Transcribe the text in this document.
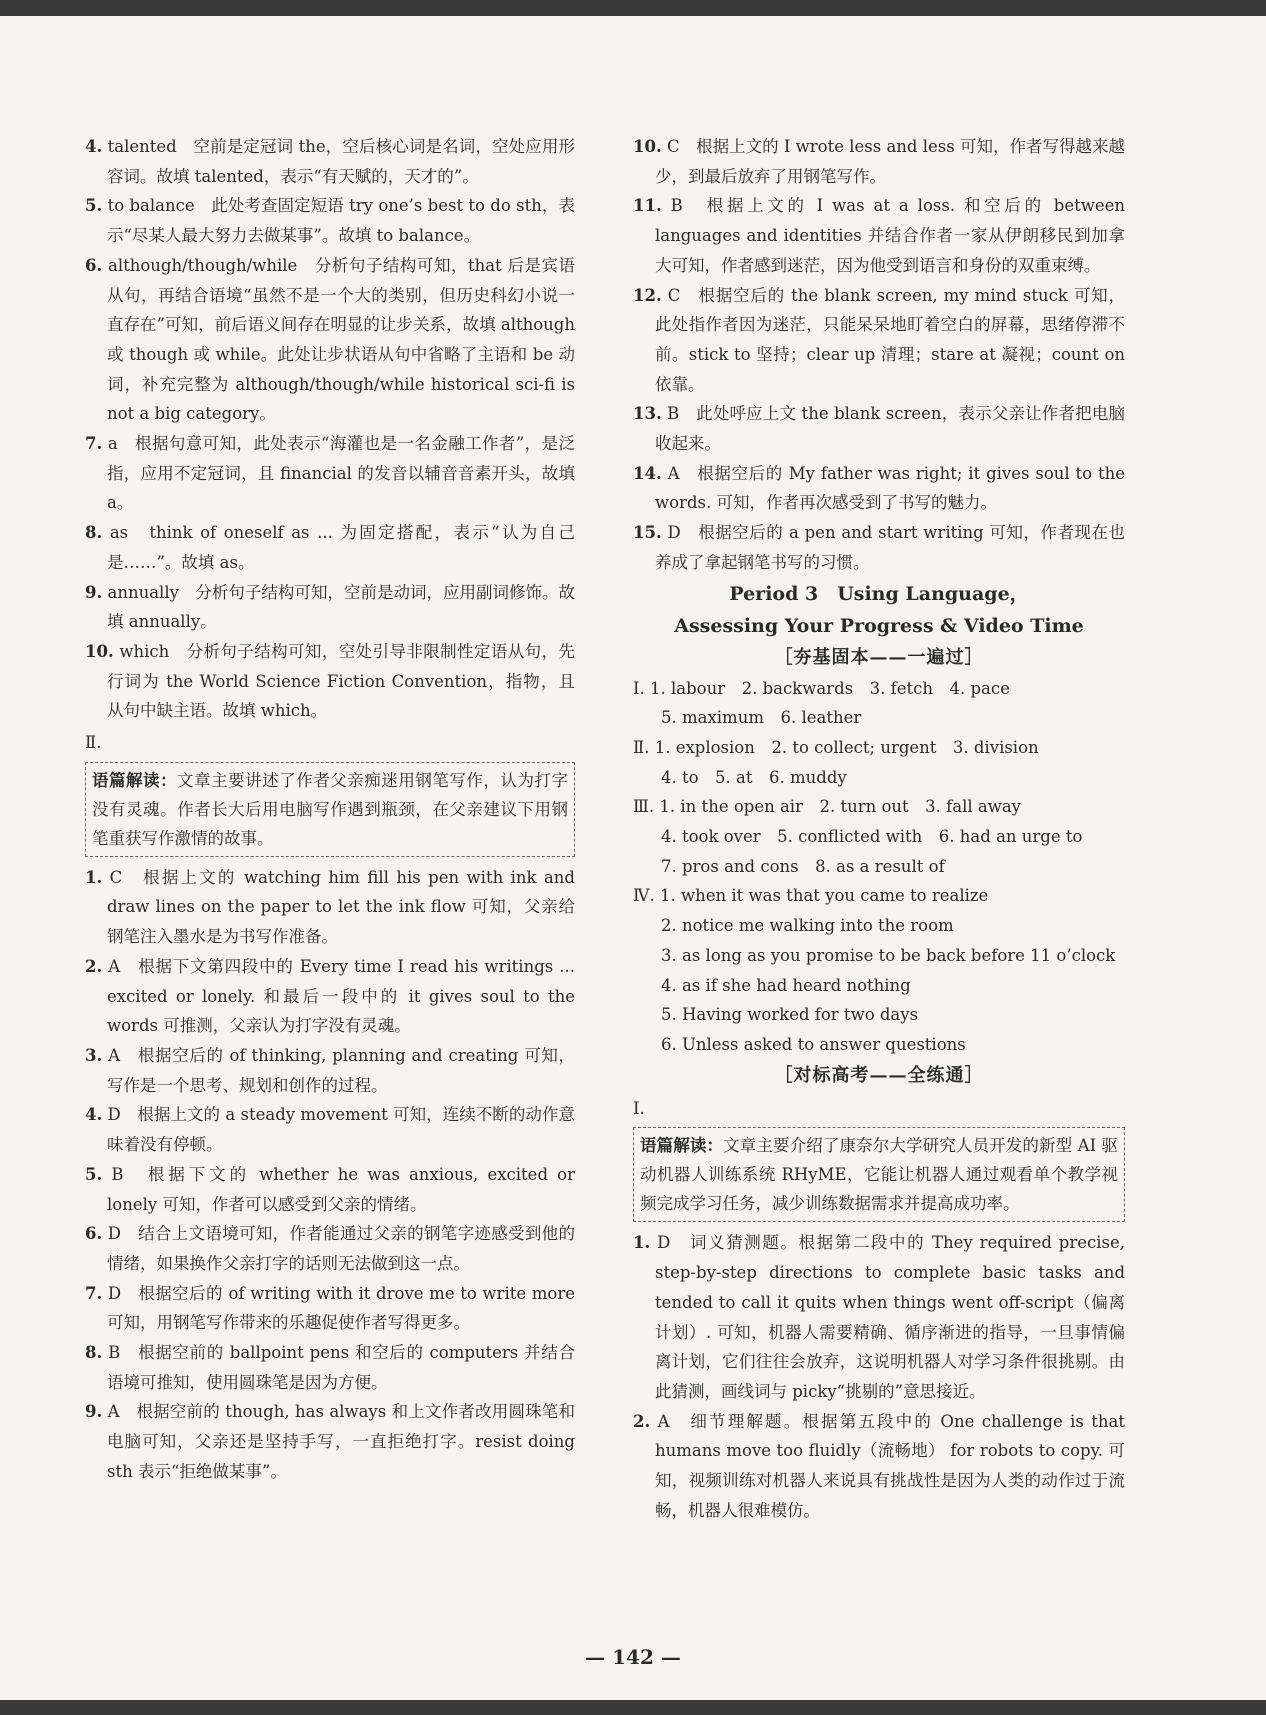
4. talented　空前是定冠词 the，空后核心词是名词，空处应用形容词。故填 talented，表示“有天赋的，天才的”。
5. to balance　此处考查固定短语 try one’s best to do sth，表示“尽某人最大努力去做某事”。故填 to balance。
6. although/though/while　分析句子结构可知，that 后是宾语从句，再结合语境“虽然不是一个大的类别，但历史科幻小说一直存在”可知，前后语义间存在明显的让步关系，故填 although 或 though 或 while。此处让步状语从句中省略了主语和 be 动词，补充完整为 although/though/while historical sci-fi is not a big category。
7. a　根据句意可知，此处表示“海灌也是一名金融工作者”，是泛指，应用不定冠词，且 financial 的发音以辅音音素开头，故填 a。
8. as　think of oneself as ... 为固定搭配，表示“认为自己是……”。故填 as。
9. annually　分析句子结构可知，空前是动词，应用副词修饰。故填 annually。
10. which　分析句子结构可知，空处引导非限制性定语从句，先行词为 the World Science Fiction Convention，指物，且从句中缺主语。故填 which。
Ⅱ.
语篇解读：文章主要讲述了作者父亲痴迷用钢笔写作，认为打字没有灵魂。作者长大后用电脑写作遇到瓶颈，在父亲建议下用钢笔重获写作激情的故事。
1. C　根据上文的 watching him fill his pen with ink and draw lines on the paper to let the ink flow 可知，父亲给钢笔注入墨水是为书写作准备。
2. A　根据下文第四段中的 Every time I read his writings ... excited or lonely. 和最后一段中的 it gives soul to the words 可推测，父亲认为打字没有灵魂。
3. A　根据空后的 of thinking, planning and creating 可知，写作是一个思考、规划和创作的过程。
4. D　根据上文的 a steady movement 可知，连续不断的动作意味着没有停顿。
5. B　根据下文的 whether he was anxious, excited or lonely 可知，作者可以感受到父亲的情绪。
6. D　结合上文语境可知，作者能通过父亲的钢笔字迹感受到他的情绪，如果换作父亲打字的话则无法做到这一点。
7. D　根据空后的 of writing with it drove me to write more 可知，用钢笔写作带来的乐趣促使作者写得更多。
8. B　根据空前的 ballpoint pens 和空后的 computers 并结合语境可推知，使用圆珠笔是因为方便。
9. A　根据空前的 though, has always 和上文作者改用圆珠笔和电脑可知，父亲还是坚持手写，一直拒绝打字。resist doing sth 表示“拒绝做某事”。
10. C　根据上文的 I wrote less and less 可知，作者写得越来越少，到最后放弃了用钢笔写作。
11. B　根据上文的 I was at a loss. 和空后的 between languages and identities 并结合作者一家从伊朗移民到加拿大可知，作者感到迷茫，因为他受到语言和身份的双重束缚。
12. C　根据空后的 the blank screen, my mind stuck 可知，此处指作者因为迷茫，只能呆呆地盯着空白的屏幕，思绪停滞不前。stick to 坚持；clear up 清理；stare at 凝视；count on 依靠。
13. B　此处呼应上文 the blank screen，表示父亲让作者把电脑收起来。
14. A　根据空后的 My father was right; it gives soul to the words. 可知，作者再次感受到了书写的魅力。
15. D　根据空后的 a pen and start writing 可知，作者现在也养成了拿起钢笔书写的习惯。
Period 3　Using Language，
Assessing Your Progress & Video Time
［夯基固本——一遍过］
Ⅰ. 1. labour　2. backwards　3. fetch　4. pace
5. maximum　6. leather
Ⅱ. 1. explosion　2. to collect; urgent　3. division
4. to　5. at　6. muddy
Ⅲ. 1. in the open air　2. turn out　3. fall away
4. took over　5. conflicted with　6. had an urge to
7. pros and cons　8. as a result of
Ⅳ. 1. when it was that you came to realize
2. notice me walking into the room
3. as long as you promise to be back before 11 o’clock
4. as if she had heard nothing
5. Having worked for two days
6. Unless asked to answer questions
［对标高考——全练通］
Ⅰ.
语篇解读：文章主要介绍了康奈尔大学研究人员开发的新型 AI 驱动机器人训练系统 RHyME，它能让机器人通过观看单个教学视频完成学习任务，减少训练数据需求并提高成功率。
1. D　词义猜测题。根据第二段中的 They required precise, step-by-step directions to complete basic tasks and tended to call it quits when things went off-script（偏离计划）. 可知，机器人需要精确、循序渐进的指导，一旦事情偏离计划，它们往往会放弃，这说明机器人对学习条件很挑剔。由此猜测，画线词与 picky“挑剔的”意思接近。
2. A　细节理解题。根据第五段中的 One challenge is that humans move too fluidly（流畅地） for robots to copy. 可知，视频训练对机器人来说具有挑战性是因为人类的动作过于流畅，机器人很难模仿。
— 142 —
